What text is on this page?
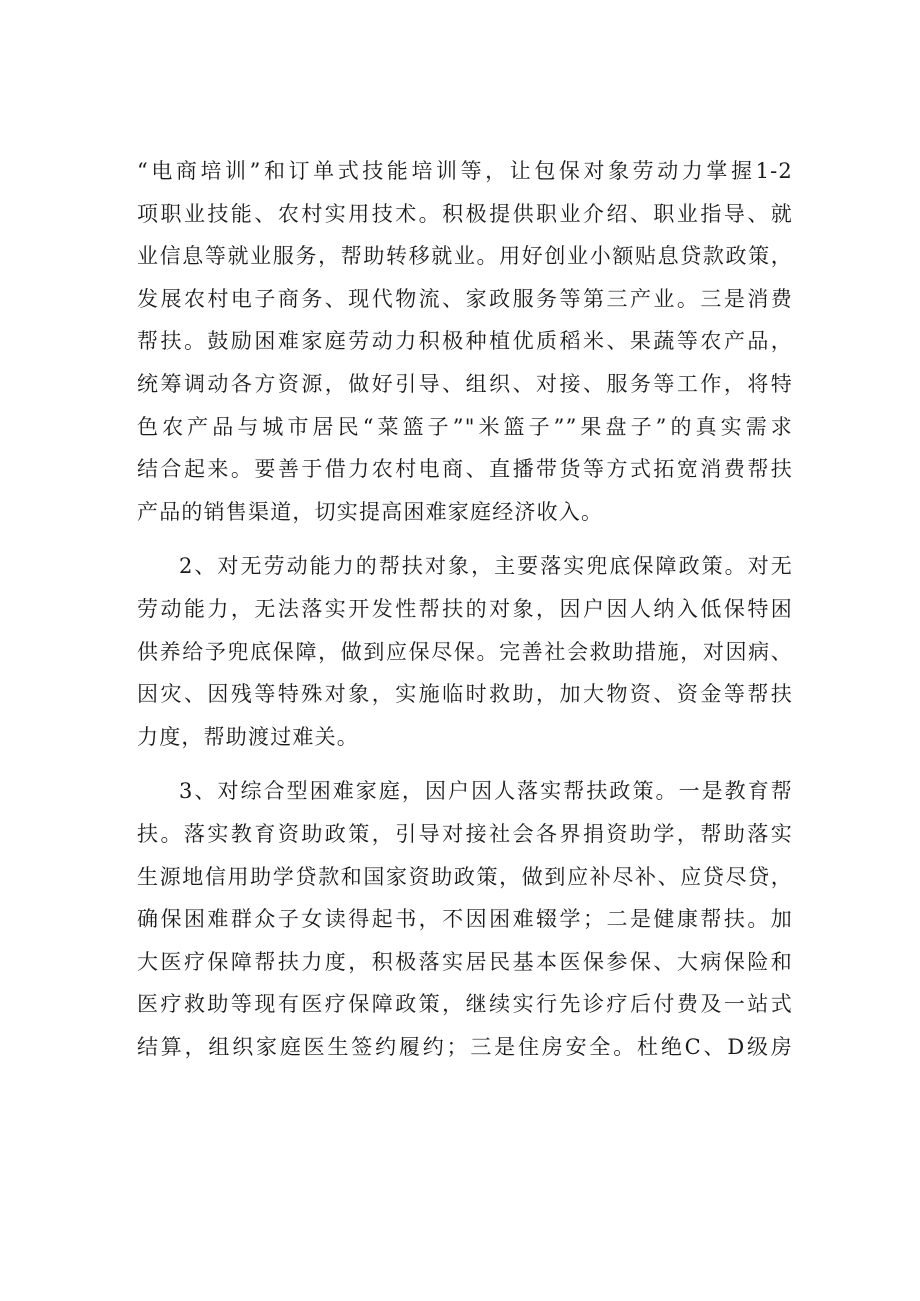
“电商培训”和订单式技能培训等，让包保对象劳动力掌握1-2
项职业技能、农村实用技术。积极提供职业介绍、职业指导、就
业信息等就业服务，帮助转移就业。用好创业小额贴息贷款政策，
发展农村电子商务、现代物流、家政服务等第三产业。三是消费
帮扶。鼓励困难家庭劳动力积极种植优质稻米、果蔬等农产品，
统筹调动各方资源，做好引导、组织、对接、服务等工作，将特
色农产品与城市居民“菜篮子”"米篮子””果盘子”的真实需求
结合起来。要善于借力农村电商、直播带货等方式拓宽消费帮扶
产品的销售渠道，切实提高困难家庭经济收入。
2、对无劳动能力的帮扶对象，主要落实兜底保障政策。对无
劳动能力，无法落实开发性帮扶的对象，因户因人纳入低保特困
供养给予兜底保障，做到应保尽保。完善社会救助措施，对因病、
因灾、因残等特殊对象，实施临时救助，加大物资、资金等帮扶
力度，帮助渡过难关。
3、对综合型困难家庭，因户因人落实帮扶政策。一是教育帮
扶。落实教育资助政策，引导对接社会各界捐资助学，帮助落实
生源地信用助学贷款和国家资助政策，做到应补尽补、应贷尽贷，
确保困难群众子女读得起书，不因困难辍学；二是健康帮扶。加
大医疗保障帮扶力度，积极落实居民基本医保参保、大病保险和
医疗救助等现有医疗保障政策，继续实行先诊疗后付费及一站式
结算，组织家庭医生签约履约；三是住房安全。杜绝C、D级房
